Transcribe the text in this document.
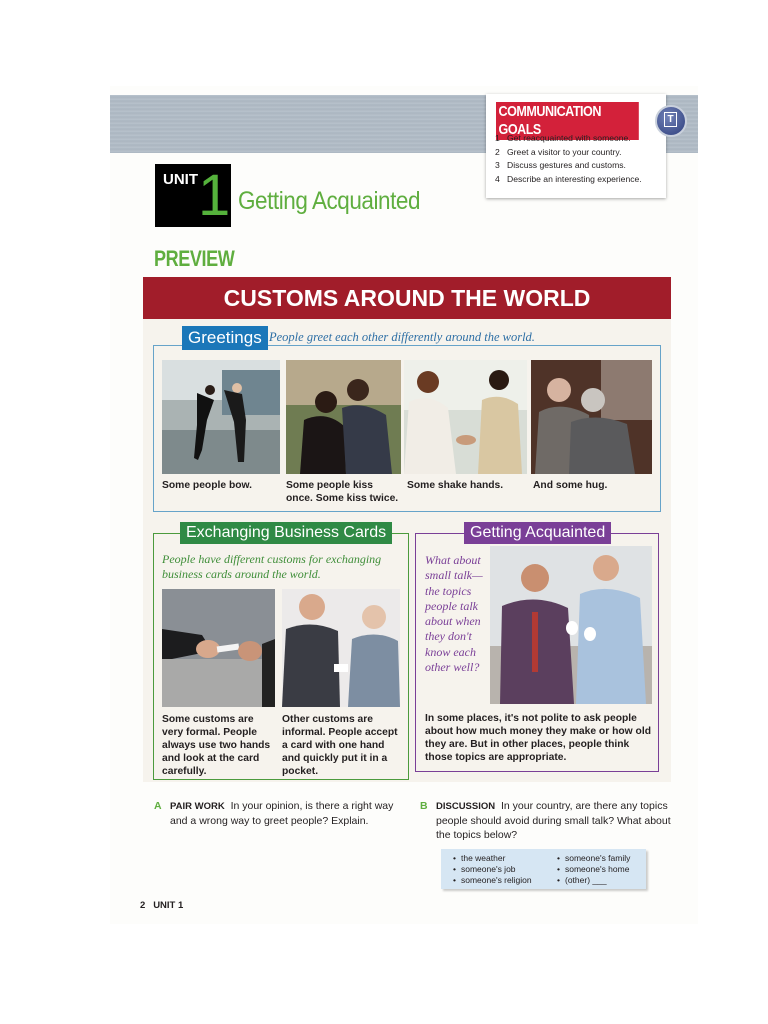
COMMUNICATION GOALS
1 Get reacquainted with someone.
2 Greet a visitor to your country.
3 Discuss gestures and customs.
4 Describe an interesting experience.
T
UNIT 1 Getting Acquainted
PREVIEW
CUSTOMS AROUND THE WORLD
Greetings People greet each other differently around the world.
Some people bow.	Some people kiss once. Some kiss twice.
Some shake hands.	And some hug.
Exchanging Business Cards
People have different customs for exchanging business cards around the world.
Some customs are very formal. People always use two hands and look at the card carefully.
Other customs are informal. People accept a card with one hand and quickly put it in a pocket.
Getting Acquainted
What about small talk—the topics people talk about when they don't know each other well?
In some places, it's not polite to ask people about how much money they make or how old they are. But in other places, people think those topics are appropriate.
A PAIR WORK In your opinion, is there a right way and a wrong way to greet people? Explain.
B DISCUSSION In your country, are there any topics people should avoid during small talk? What about the topics below?
• the weather
• someone's job
• someone's religion
• someone's family
• someone's home
• (other) ___
2   UNIT 1
